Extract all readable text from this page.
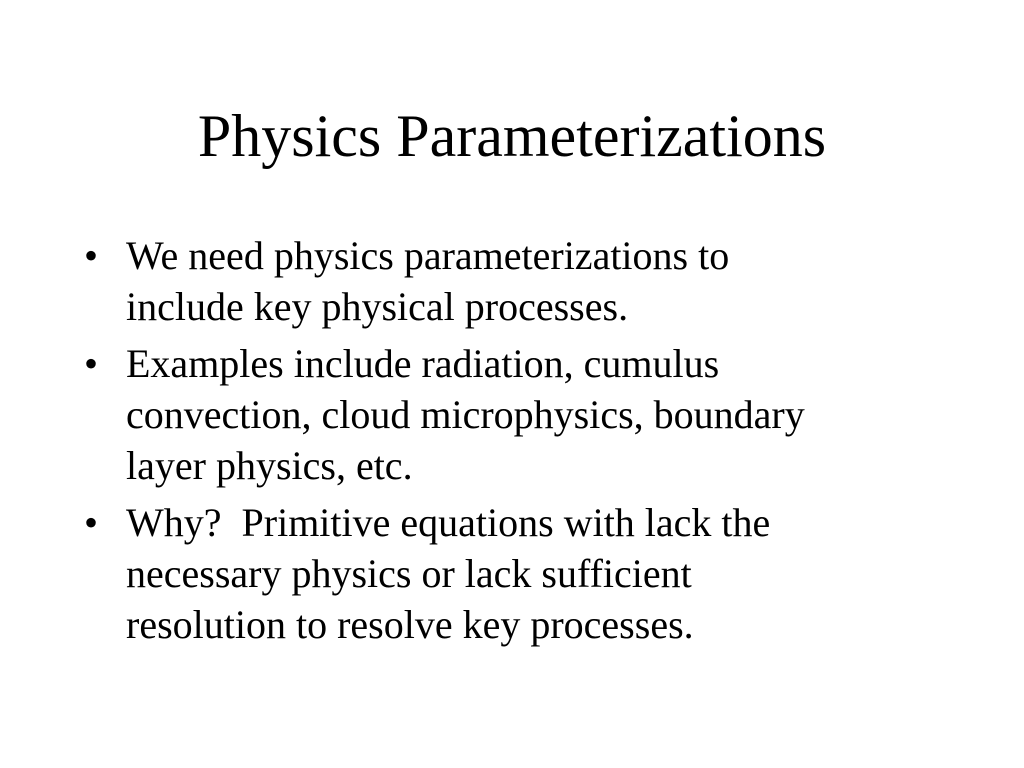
Physics Parameterizations
• We need physics parameterizations to
include key physical processes.
• Examples include radiation, cumulus
convection, cloud microphysics, boundary
layer physics, etc.
• Why?  Primitive equations with lack the
necessary physics or lack sufficient
resolution to resolve key processes.
